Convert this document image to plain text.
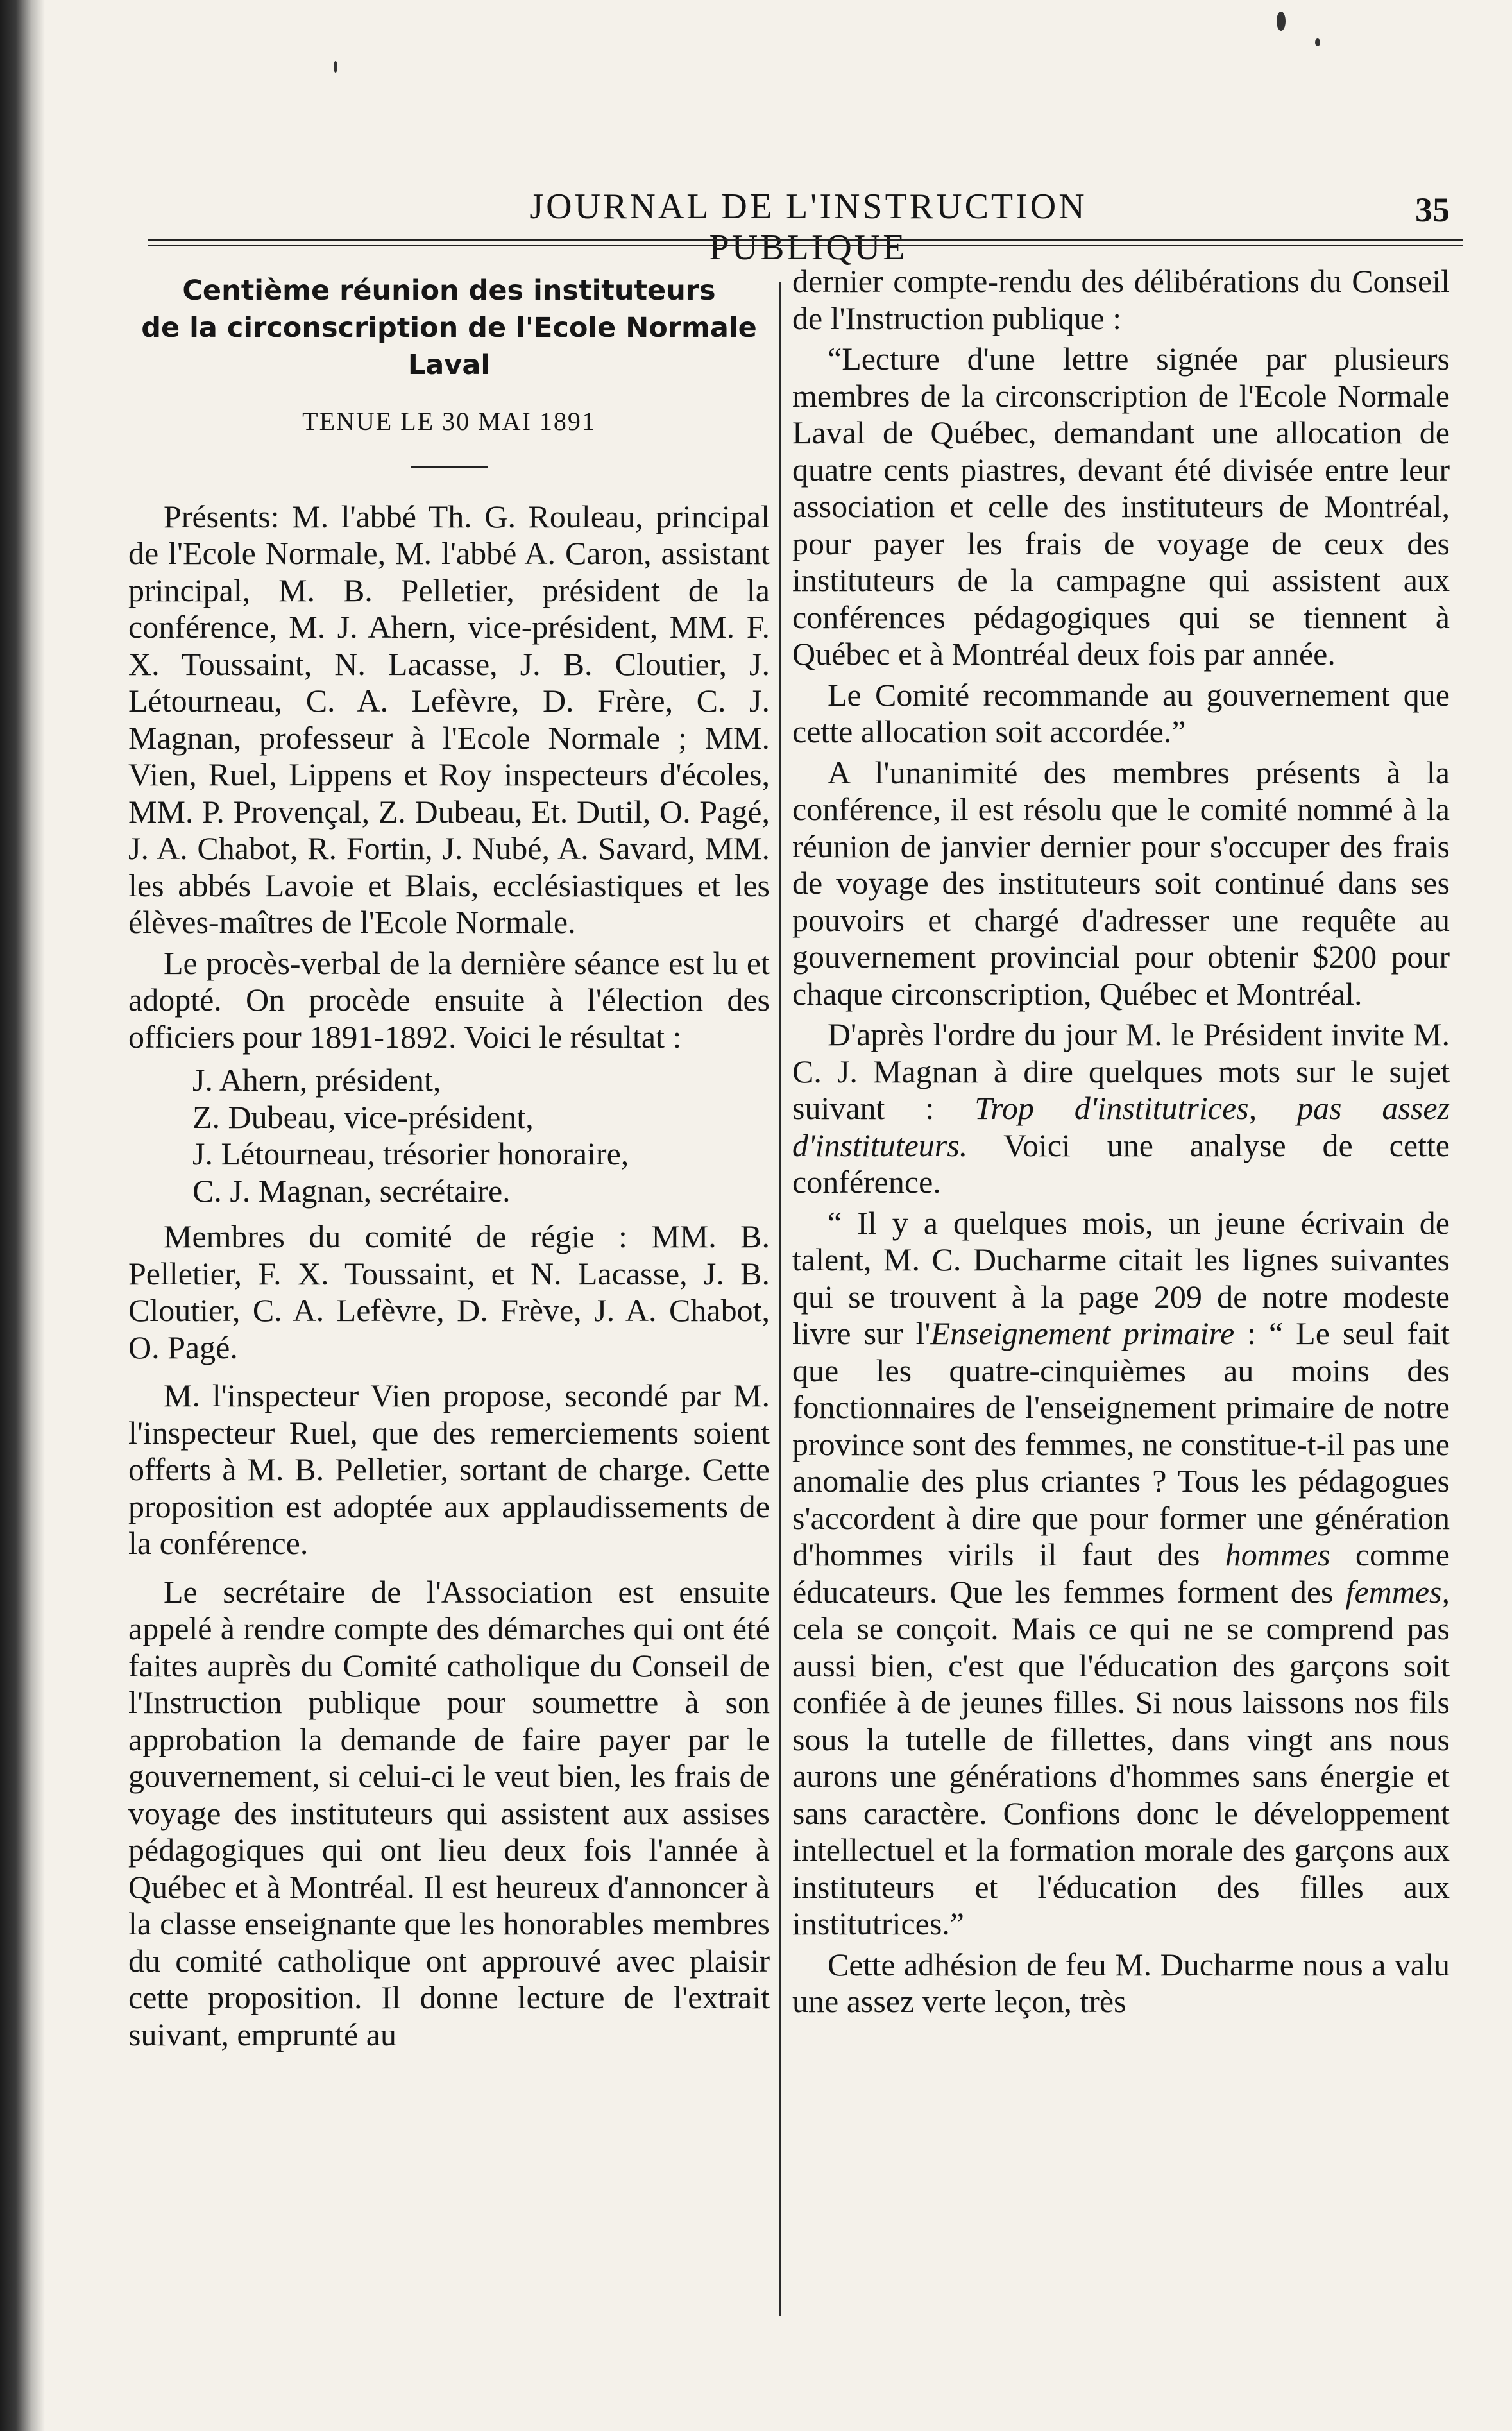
JOURNAL DE L'INSTRUCTION PUBLIQUE
35
Centième réunion des instituteurs
de la circonscription de l'Ecole Normale Laval
TENUE LE 30 MAI 1891

Présents: M. l'abbé Th. G. Rouleau, principal de l'Ecole Normale, M. l'abbé A. Caron, assistant principal, M. B. Pelletier, président de la conférence, M. J. Ahern, vice-président, MM. F. X. Toussaint, N. Lacasse, J. B. Cloutier, J. Létourneau, C. A. Lefèvre, D. Frère, C. J. Magnan, professeur à l'Ecole Normale ; MM. Vien, Ruel, Lippens et Roy inspecteurs d'écoles, MM. P. Provençal, Z. Dubeau, Et. Dutil, O. Pagé, J. A. Chabot, R. Fortin, J. Nubé, A. Savard, MM. les abbés Lavoie et Blais, ecclésiastiques et les élèves-maîtres de l'Ecole Normale.

Le procès-verbal de la dernière séance est lu et adopté. On procède ensuite à l'élection des officiers pour 1891-1892. Voici le résultat :

J. Ahern, président,
Z. Dubeau, vice-président,
J. Létourneau, trésorier honoraire,
C. J. Magnan, secrétaire.

Membres du comité de régie : MM. B. Pelletier, F. X. Toussaint, et N. Lacasse, J. B. Cloutier, C. A. Lefèvre, D. Frève, J. A. Chabot, O. Pagé.

M. l'inspecteur Vien propose, secondé par M. l'inspecteur Ruel, que des remerciements soient offerts à M. B. Pelletier, sortant de charge. Cette proposition est adoptée aux applaudissements de la conférence.

Le secrétaire de l'Association est ensuite appelé à rendre compte des démarches qui ont été faites auprès du Comité catholique du Conseil de l'Instruction publique pour soumettre à son approbation la demande de faire payer par le gouvernement, si celui-ci le veut bien, les frais de voyage des instituteurs qui assistent aux assises pédagogiques qui ont lieu deux fois l'année à Québec et à Montréal. Il est heureux d'annoncer à la classe enseignante que les honorables membres du comité catholique ont approuvé avec plaisir cette proposition. Il donne lecture de l'extrait suivant, emprunté au

dernier compte-rendu des délibérations du Conseil de l'Instruction publique :

“Lecture d'une lettre signée par plusieurs membres de la circonscription de l'Ecole Normale Laval de Québec, demandant une allocation de quatre cents piastres, devant été divisée entre leur association et celle des instituteurs de Montréal, pour payer les frais de voyage de ceux des instituteurs de la campagne qui assistent aux conférences pédagogiques qui se tiennent à Québec et à Montréal deux fois par année.

Le Comité recommande au gouvernement que cette allocation soit accordée.”

A l'unanimité des membres présents à la conférence, il est résolu que le comité nommé à la réunion de janvier dernier pour s'occuper des frais de voyage des instituteurs soit continué dans ses pouvoirs et chargé d'adresser une requête au gouvernement provincial pour obtenir $200 pour chaque circonscription, Québec et Montréal.

D'après l'ordre du jour M. le Président invite M. C. J. Magnan à dire quelques mots sur le sujet suivant : Trop d'institutrices, pas assez d'instituteurs. Voici une analyse de cette conférence.

“ Il y a quelques mois, un jeune écrivain de talent, M. C. Ducharme citait les lignes suivantes qui se trouvent à la page 209 de notre modeste livre sur l'Enseignement primaire : “ Le seul fait que les quatre-cinquièmes au moins des fonctionnaires de l'enseignement primaire de notre province sont des femmes, ne constitue-t-il pas une anomalie des plus criantes ? Tous les pédagogues s'accordent à dire que pour former une génération d'hommes virils il faut des hommes comme éducateurs. Que les femmes forment des femmes, cela se conçoit. Mais ce qui ne se comprend pas aussi bien, c'est que l'éducation des garçons soit confiée à de jeunes filles. Si nous laissons nos fils sous la tutelle de fillettes, dans vingt ans nous aurons une générations d'hommes sans énergie et sans caractère. Confions donc le développement intellectuel et la formation morale des garçons aux instituteurs et l'éducation des filles aux institutrices.”

Cette adhésion de feu M. Ducharme nous a valu une assez verte leçon, très
